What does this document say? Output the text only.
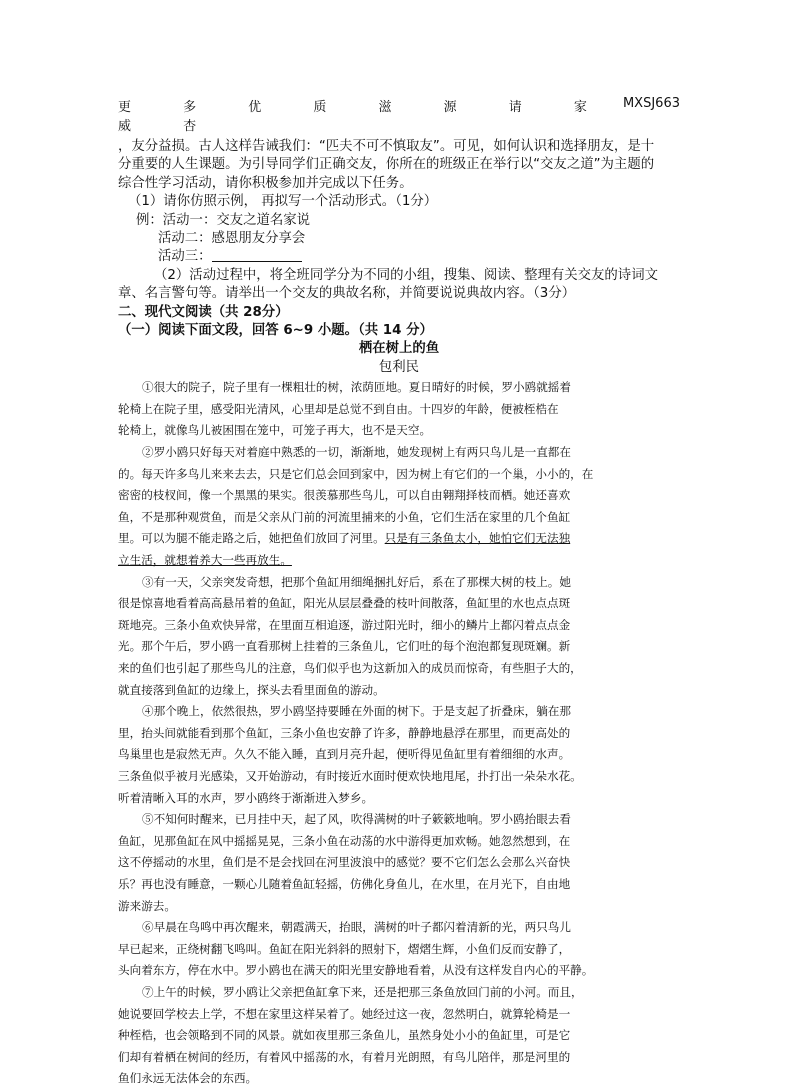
更 多 优 质 滋 源 请 家 威 杏
MXSJ663
，友分益损。古人这样告诫我们：“匹夫不可不慎取友”。可见，如何认识和选择朋友，是十
分重要的人生课题。为引导同学们正确交友，你所在的班级正在举行以“交友之道”为主题的
综合性学习活动，请你积极参加并完成以下任务。
（1）请你仿照示例， 再拟写一个活动形式。（1分）
例：活动一：交友之道名家说
活动二：感恩朋友分享会
活动三：
（2）活动过程中，将全班同学分为不同的小组，搜集、阅读、整理有关交友的诗词文
章、名言警句等。请举出一个交友的典故名称，并简要说说典故内容。（3分）
二、现代文阅读（共 28分）
（一）阅读下面文段，回答 6~9 小题。（共 14 分）
栖在树上的鱼
包利民
①很大的院子，院子里有一棵粗壮的树，浓荫匝地。夏日晴好的时候，罗小鸥就摇着
轮椅上在院子里，感受阳光清风，心里却是总觉不到自由。十四岁的年龄，便被桎梏在
轮椅上，就像鸟儿被困围在笼中，可笼子再大，也不是天空。
②罗小鸥只好每天对着庭中熟悉的一切，渐渐地，她发现树上有两只鸟儿是一直都在
的。每天许多鸟儿来来去去，只是它们总会回到家中，因为树上有它们的一个巢，小小的，在
密密的枝杈间，像一个黑黑的果实。很羡慕那些鸟儿，可以自由翱翔择枝而栖。她还喜欢
鱼，不是那种观赏鱼，而是父亲从门前的河流里捕来的小鱼，它们生活在家里的几个鱼缸
里。可以为腿不能走路之后，她把鱼们放回了河里。只是有三条鱼太小，她怕它们无法独
立生活，就想着养大一些再放生。
③有一天，父亲突发奇想，把那个鱼缸用细绳捆扎好后，系在了那棵大树的枝上。她
很是惊喜地看着高高悬吊着的鱼缸，阳光从层层叠叠的枝叶间散落，鱼缸里的水也点点斑
斑地亮。三条小鱼欢快异常，在里面互相追逐，游过阳光时，细小的鳞片上都闪着点点金
光。那个午后，罗小鸥一直看那树上挂着的三条鱼儿，它们吐的每个泡泡都复现斑斓。新
来的鱼们也引起了那些鸟儿的注意，鸟们似乎也为这新加入的成员而惊奇，有些胆子大的，
就直接落到鱼缸的边缘上，探头去看里面鱼的游动。
④那个晚上，依然很热，罗小鸥坚持要睡在外面的树下。于是支起了折叠床，躺在那
里，抬头间就能看到那个鱼缸，三条小鱼也安静了许多，静静地悬浮在那里，而更高处的
鸟巢里也是寂然无声。久久不能入睡，直到月亮升起，便听得见鱼缸里有着细细的水声。
三条鱼似乎被月光感染，又开始游动，有时接近水面时便欢快地甩尾，扑打出一朵朵水花。
听着清晰入耳的水声，罗小鸥终于渐渐进入梦乡。
⑤不知何时醒来，已月挂中天，起了风，吹得满树的叶子簌簌地响。罗小鸥抬眼去看
鱼缸，见那鱼缸在风中摇摇晃晃，三条小鱼在动荡的水中游得更加欢畅。她忽然想到，在
这不停摇动的水里，鱼们是不是会找回在河里波浪中的感觉？要不它们怎么会那么兴奋快
乐？再也没有睡意，一颗心儿随着鱼缸轻摇，仿佛化身鱼儿，在水里，在月光下，自由地
游来游去。
⑥早晨在鸟鸣中再次醒来，朝霞满天，抬眼，满树的叶子都闪着清新的光，两只鸟儿
早已起来，正绕树翻飞鸣叫。鱼缸在阳光斜斜的照射下，熠熠生辉，小鱼们反而安静了，
头向着东方，停在水中。罗小鸥也在满天的阳光里安静地看着，从没有这样发自内心的平静。
⑦上午的时候，罗小鸥让父亲把鱼缸拿下来，还是把那三条鱼放回门前的小河。而且，
她说要回学校去上学，不想在家里这样呆着了。她经过这一夜，忽然明白，就算轮椅是一
种桎梏，也会领略到不同的风景。就如夜里那三条鱼儿，虽然身处小小的鱼缸里，可是它
们却有着栖在树间的经历，有着风中摇荡的水，有着月光朗照，有鸟儿陪伴，那是河里的
鱼们永远无法体会的东西。
